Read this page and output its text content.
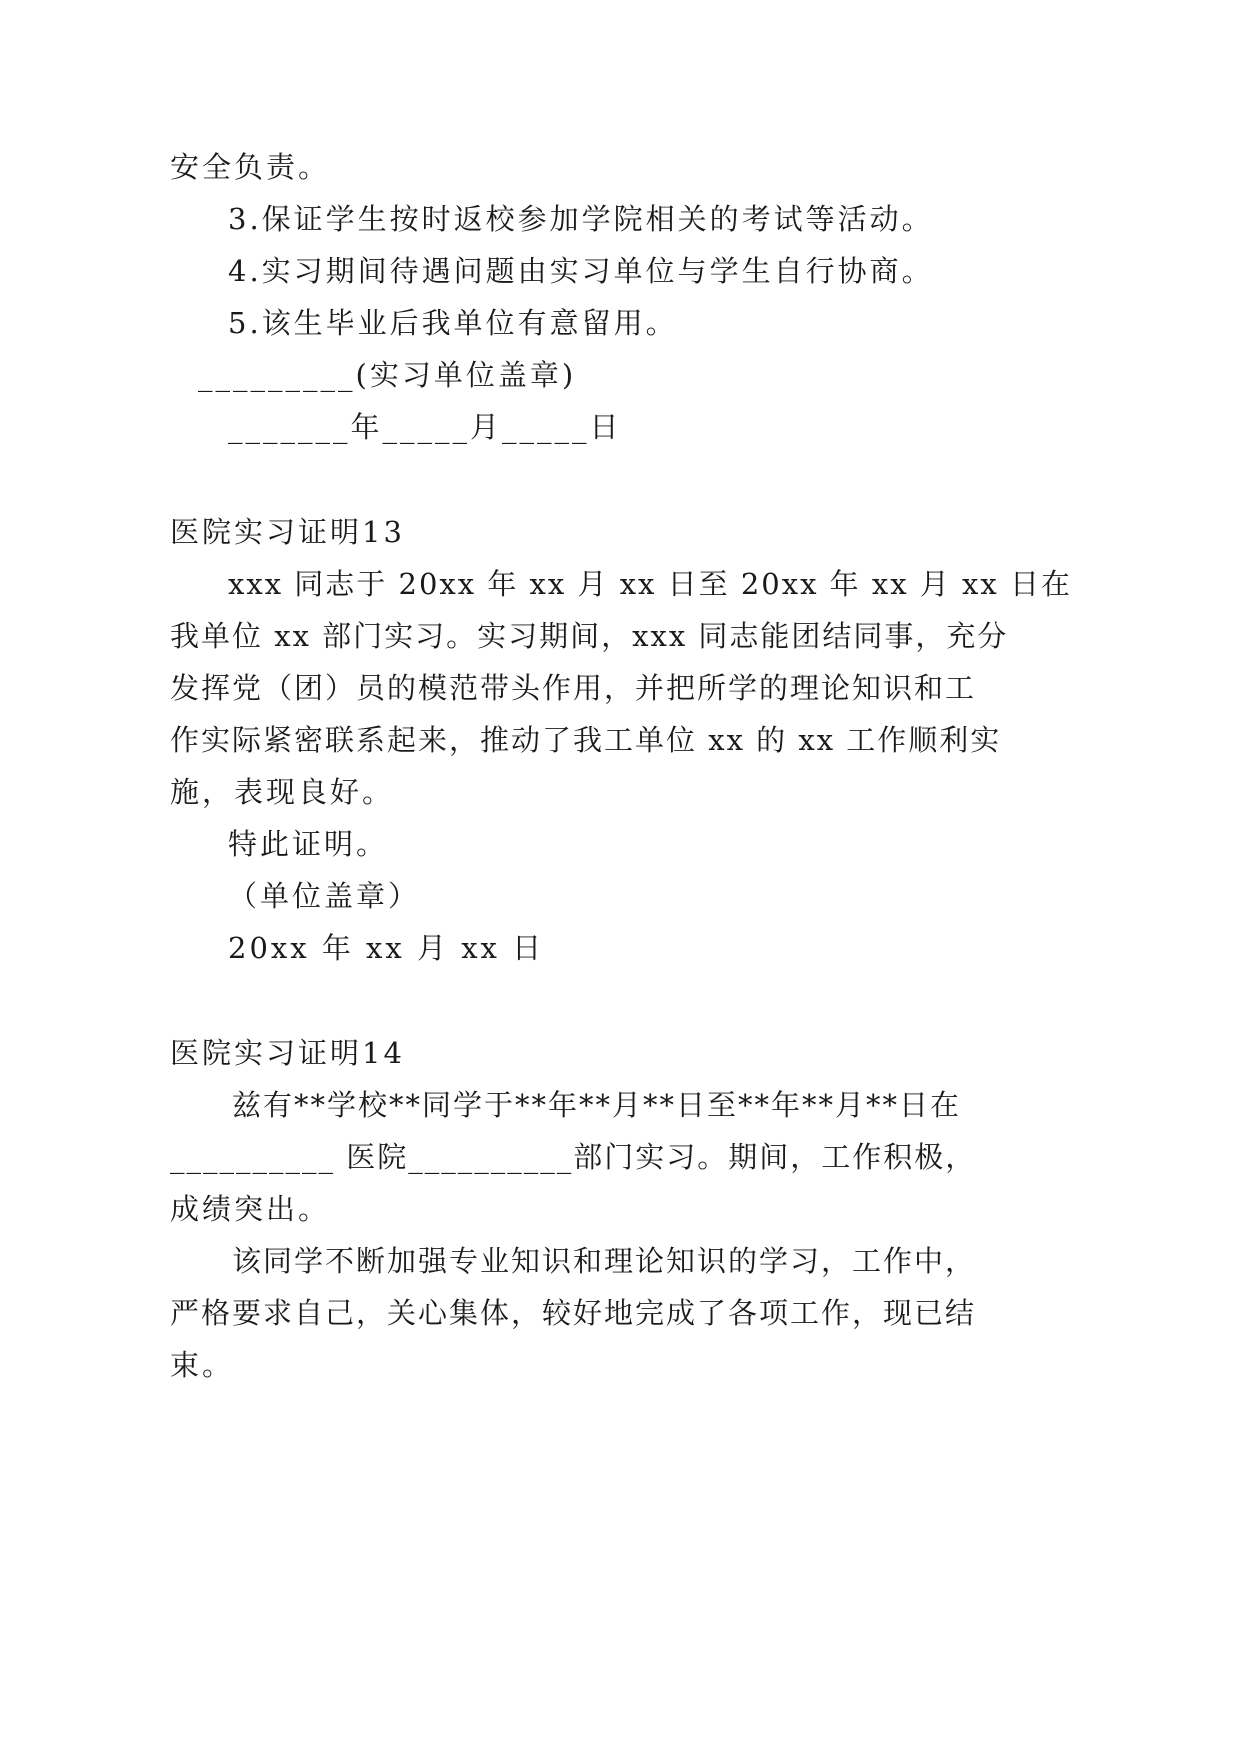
安全负责。
3.保证学生按时返校参加学院相关的考试等活动。
4.实习期间待遇问题由实习单位与学生自行协商。
5.该生毕业后我单位有意留用。
_________(实习单位盖章)
_______年_____月_____日
医院实习证明13
xxx 同志于 20xx 年 xx 月 xx 日至 20xx 年 xx 月 xx 日在
我单位 xx 部门实习。实习期间，xxx 同志能团结同事，充分
发挥党（团）员的模范带头作用，并把所学的理论知识和工
作实际紧密联系起来，推动了我工单位 xx 的 xx 工作顺利实
施，表现良好。
特此证明。
（单位盖章）
20xx 年 xx 月 xx 日
医院实习证明14
兹有**学校**同学于**年**月**日至**年**月**日在
__________ 医院__________部门实习。期间，工作积极，
成绩突出。
该同学不断加强专业知识和理论知识的学习，工作中，
严格要求自己，关心集体，较好地完成了各项工作，现已结
束。
